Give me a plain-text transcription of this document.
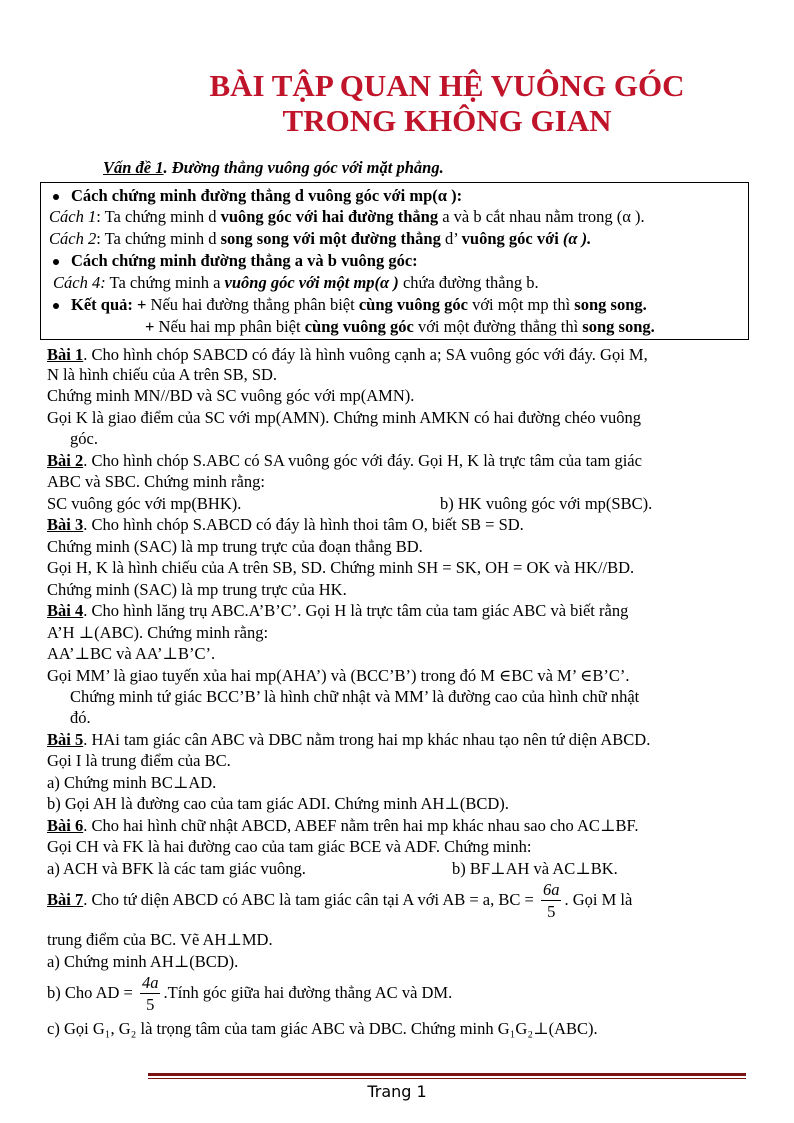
BÀI TẬP QUAN HỆ VUÔNG GÓC
TRONG KHÔNG GIAN
Vấn đề 1. Đường thẳng vuông góc với mặt phẳng.
Cách chứng minh đường thẳng d vuông góc với mp(α ):
Cách 1: Ta chứng minh d vuông góc với hai đường thẳng a và b cắt nhau nằm trong (α ).
Cách 2: Ta chứng minh d song song với một đường thẳng d’ vuông góc với (α ).
Cách chứng minh đường thẳng a và b vuông góc:
Cách 4: Ta chứng minh a vuông góc với một mp(α ) chứa đường thẳng b.
Kết quả: + Nếu hai đường thẳng phân biệt cùng vuông góc với một mp thì song song.
+ Nếu hai mp phân biệt cùng vuông góc với một đường thẳng thì song song.
Bài 1. Cho hình chóp SABCD có đáy là hình vuông cạnh a; SA vuông góc với đáy. Gọi M,
N là hình chiếu của A trên SB, SD.
Chứng minh MN//BD và SC vuông góc với mp(AMN).
Gọi K là giao điểm của SC với mp(AMN). Chứng minh AMKN có hai đường chéo vuông
góc.
Bài 2. Cho hình chóp S.ABC có SA vuông góc với đáy. Gọi H, K là trực tâm của tam giác
ABC và SBC. Chứng minh rằng:
SC vuông góc với mp(BHK).	b) HK vuông góc với mp(SBC).
Bài 3. Cho hình chóp S.ABCD có đáy là hình thoi tâm O, biết SB = SD.
Chứng minh (SAC) là mp trung trực của đoạn thẳng BD.
Gọi H, K là hình chiếu của A trên SB, SD. Chứng minh SH = SK, OH = OK và HK//BD.
Chứng minh (SAC) là mp trung trực của HK.
Bài 4. Cho hình lăng trụ ABC.A’B’C’. Gọi H là trực tâm của tam giác ABC và biết rằng
A’H ⊥(ABC). Chứng minh rằng:
AA’⊥BC và AA’⊥B’C’.
Gọi MM’ là giao tuyến xủa hai mp(AHA’) và (BCC’B’) trong đó M ∈BC và M’ ∈B’C’.
Chứng minh tứ giác BCC’B’ là hình chữ nhật và MM’ là đường cao của hình chữ nhật
đó.
Bài 5. HAi tam giác cân ABC và DBC nằm trong hai mp khác nhau tạo nên tứ diện ABCD.
Gọi I là trung điểm của BC.
a) Chứng minh BC⊥AD.
b) Gọi AH là đường cao của tam giác ADI. Chứng minh AH⊥(BCD).
Bài 6. Cho hai hình chữ nhật ABCD, ABEF nằm trên hai mp khác nhau sao cho AC⊥BF.
Gọi CH và FK là hai đường cao của tam giác BCE và ADF. Chứng minh:
a) ACH và BFK là các tam giác vuông.	b) BF⊥AH và AC⊥BK.
Bài 7. Cho tứ diện ABCD có ABC là tam giác cân tại A với AB = a, BC = $\frac{6a}{5}$ . Gọi M là
trung điểm của BC. Vẽ AH⊥MD.
a) Chứng minh AH⊥(BCD).
b) Cho AD = $\frac{4a}{5}$ .Tính góc giữa hai đường thẳng AC và DM.
c) Gọi G₁, G₂ là trọng tâm của tam giác ABC và DBC. Chứng minh G₁G₂⊥(ABC).
Trang 1
